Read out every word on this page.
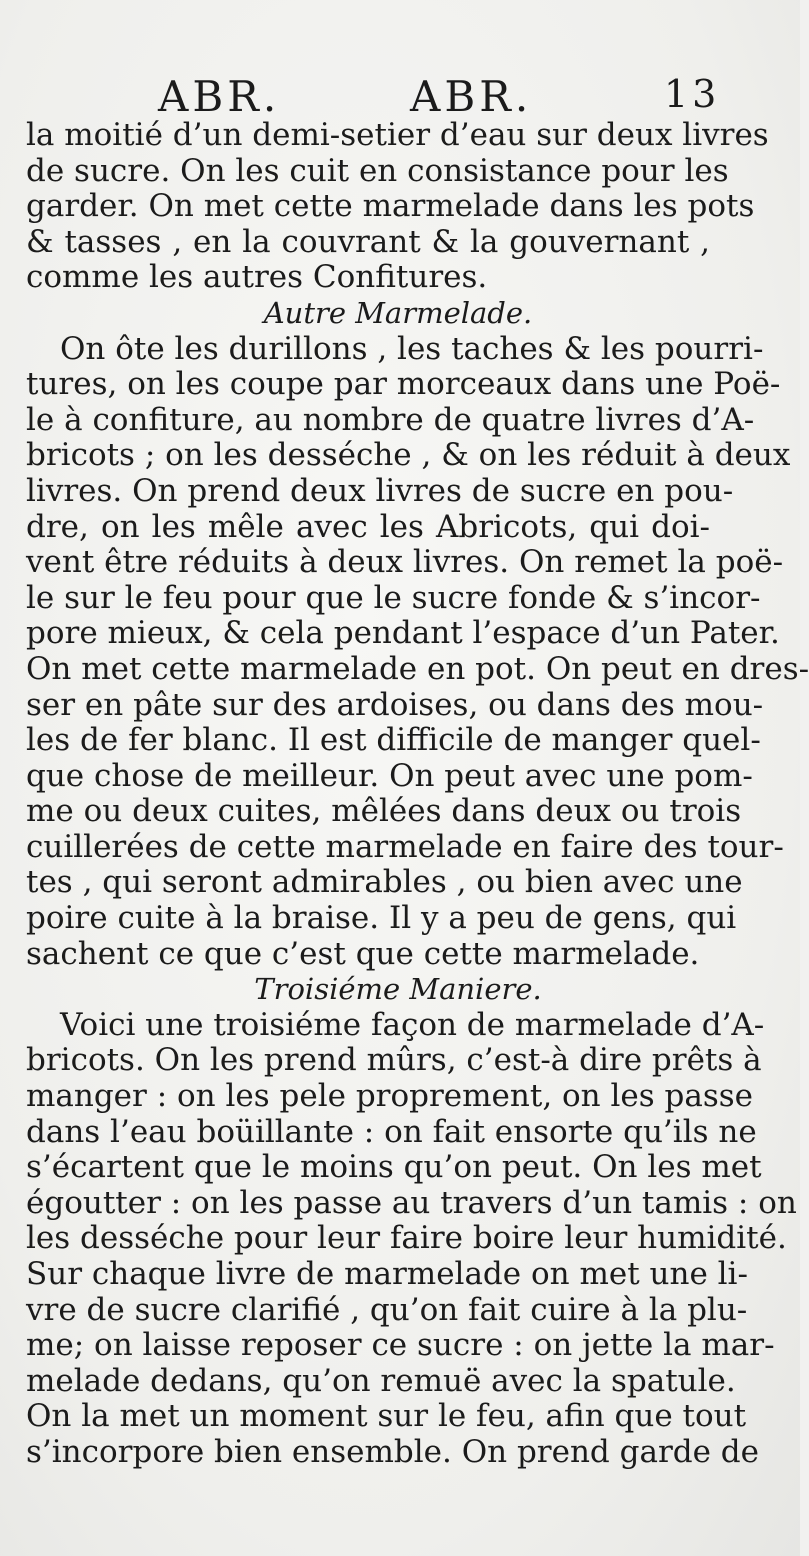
ABR.	ABR.	13
la moitié d’un demi-setier d’eau sur deux livres
de sucre. On les cuit en consistance pour les
garder. On met cette marmelade dans les pots
& tasses , en la couvrant & la gouvernant ,
comme les autres Confitures.
Autre Marmelade.
On ôte les durillons , les taches & les pourri-
tures, on les coupe par morceaux dans une Poë-
le à confiture, au nombre de quatre livres d’A-
bricots ; on les desséche , & on les réduit à deux
livres. On prend deux livres de sucre en pou-
dre, on les mêle avec les Abricots, qui doi-
vent être réduits à deux livres. On remet la poë-
le sur le feu pour que le sucre fonde & s’incor-
pore mieux, & cela pendant l’espace d’un Pater.
On met cette marmelade en pot. On peut en dres-
ser en pâte sur des ardoises, ou dans des mou-
les de fer blanc. Il est difficile de manger quel-
que chose de meilleur. On peut avec une pom-
me ou deux cuites, mêlées dans deux ou trois
cuillerées de cette marmelade en faire des tour-
tes , qui seront admirables , ou bien avec une
poire cuite à la braise. Il y a peu de gens, qui
sachent ce que c’est que cette marmelade.
Troisiéme Maniere.
Voici une troisiéme façon de marmelade d’A-
bricots. On les prend mûrs, c’est-à dire prêts à
manger : on les pele proprement, on les passe
dans l’eau boüillante : on fait ensorte qu’ils ne
s’écartent que le moins qu’on peut. On les met
égoutter : on les passe au travers d’un tamis : on
les desséche pour leur faire boire leur humidité.
Sur chaque livre de marmelade on met une li-
vre de sucre clarifié , qu’on fait cuire à la plu-
me; on laisse reposer ce sucre : on jette la mar-
melade dedans, qu’on remuë avec la spatule.
On la met un moment sur le feu, afin que tout
s’incorpore bien ensemble. On prend garde de
